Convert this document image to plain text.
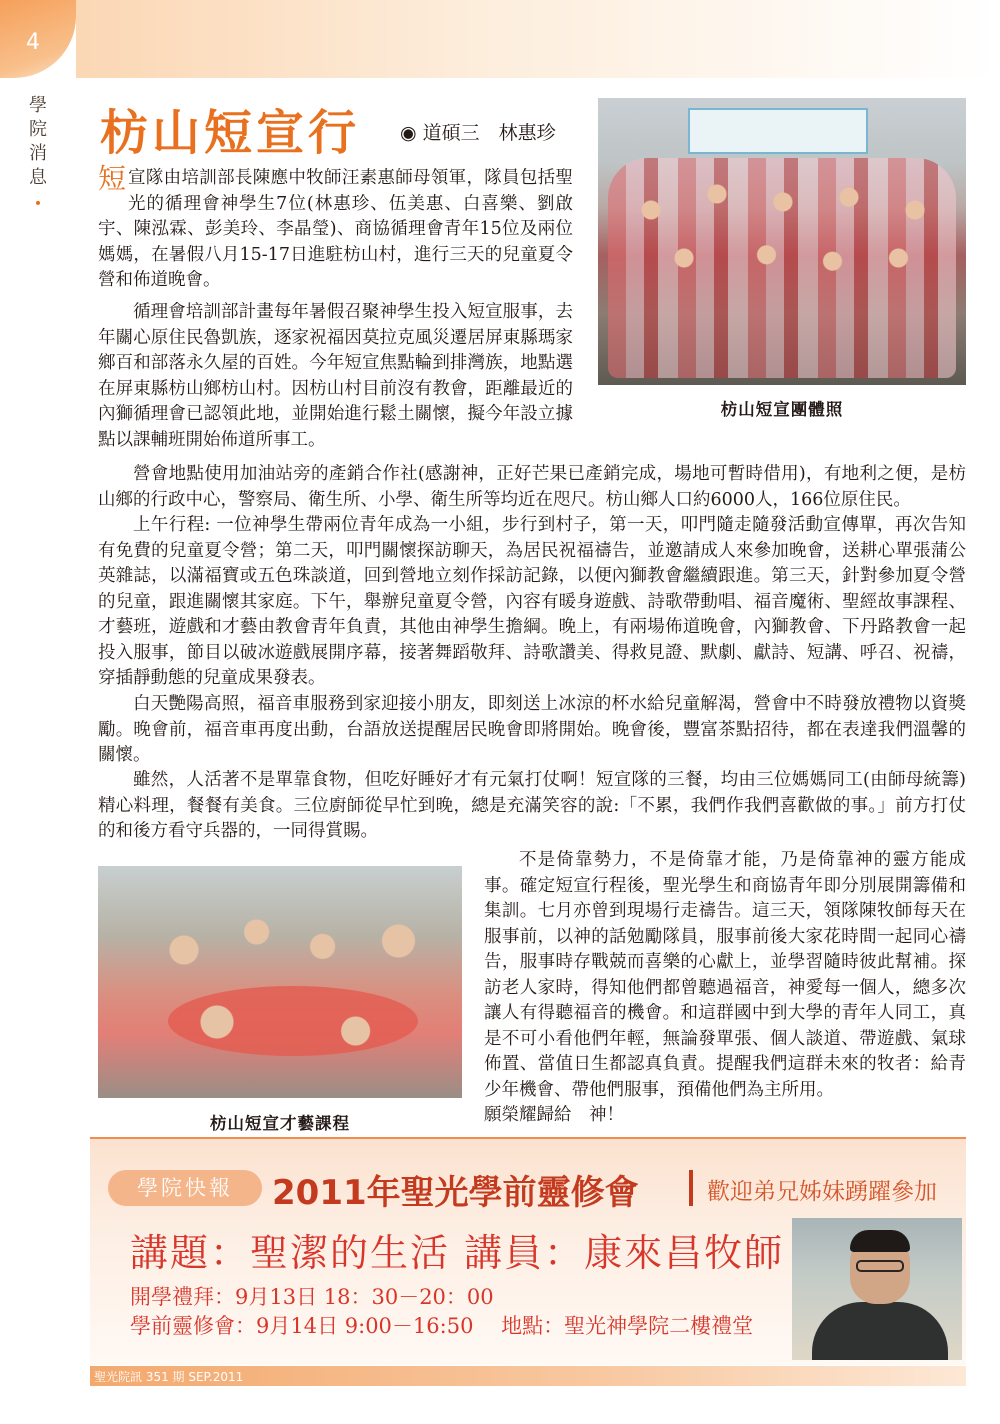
4
學
院
消
息
•
枋山短宣行 ◉ 道碩三　林惠珍
短宣隊由培訓部長陳應中牧師汪素惠師母領軍，隊員包括聖光的循理會神學生7位(林惠珍、伍美惠、白喜樂、劉啟宇、陳泓霖、彭美玲、李晶瑩)、商協循理會青年15位及兩位媽媽，在暑假八月15-17日進駐枋山村，進行三天的兒童夏令營和佈道晚會。
循理會培訓部計畫每年暑假召聚神學生投入短宣服事，去年關心原住民魯凱族，逐家祝福因莫拉克風災遷居屏東縣瑪家鄉百和部落永久屋的百姓。今年短宣焦點輪到排灣族，地點選在屏東縣枋山鄉枋山村。因枋山村目前沒有教會，距離最近的內獅循理會已認領此地，並開始進行鬆土關懷，擬今年設立據點以課輔班開始佈道所事工。
枋山短宣團體照
營會地點使用加油站旁的產銷合作社(感謝神，正好芒果已產銷完成，場地可暫時借用)，有地利之便，是枋山鄉的行政中心，警察局、衛生所、小學、衛生所等均近在咫尺。枋山鄉人口約6000人，166位原住民。
上午行程: 一位神學生帶兩位青年成為一小組，步行到村子，第一天，叩門隨走隨發活動宣傳單，再次告知有免費的兒童夏令營；第二天，叩門關懷探訪聊天，為居民祝福禱告，並邀請成人來參加晚會，送耕心單張蒲公英雜誌，以滿福寶或五色珠談道，回到營地立刻作採訪記錄，以便內獅教會繼續跟進。第三天，針對參加夏令營的兒童，跟進關懷其家庭。下午，舉辦兒童夏令營，內容有暖身遊戲、詩歌帶動唱、福音魔術、聖經故事課程、才藝班，遊戲和才藝由教會青年負責，其他由神學生擔綱。晚上，有兩場佈道晚會，內獅教會、下丹路教會一起投入服事，節目以破冰遊戲展開序幕，接著舞蹈敬拜、詩歌讚美、得救見證、默劇、獻詩、短講、呼召、祝禱，穿插靜動態的兒童成果發表。
白天艷陽高照，福音車服務到家迎接小朋友，即刻送上冰涼的杯水給兒童解渴，營會中不時發放禮物以資獎勵。晚會前，福音車再度出動，台語放送提醒居民晚會即將開始。晚會後，豐富茶點招待，都在表達我們溫馨的關懷。
雖然，人活著不是單靠食物，但吃好睡好才有元氣打仗啊！短宣隊的三餐，均由三位媽媽同工(由師母統籌)精心料理，餐餐有美食。三位廚師從早忙到晚，總是充滿笑容的說:「不累，我們作我們喜歡做的事。」前方打仗的和後方看守兵器的，一同得賞賜。
枋山短宣才藝課程
不是倚靠勢力，不是倚靠才能，乃是倚靠神的靈方能成事。確定短宣行程後，聖光學生和商協青年即分別展開籌備和集訓。七月亦曾到現場行走禱告。這三天，領隊陳牧師每天在服事前，以神的話勉勵隊員，服事前後大家花時間一起同心禱告，服事時存戰兢而喜樂的心獻上，並學習隨時彼此幫補。探訪老人家時，得知他們都曾聽過福音，神愛每一個人，總多次讓人有得聽福音的機會。和這群國中到大學的青年人同工，真是不可小看他們年輕，無論發單張、個人談道、帶遊戲、氣球佈置、當值日生都認真負責。提醒我們這群未來的牧者：給青少年機會、帶他們服事，預備他們為主所用。
願榮耀歸給　神！
學院快報	2011年聖光學前靈修會	歡迎弟兄姊妹踴躍參加
講題：聖潔的生活 講員：康來昌牧師
開學禮拜：9月13日 18：30－20：00
學前靈修會：9月14日 9:00－16:50　 地點：聖光神學院二樓禮堂
聖光院訊 351 期 SEP.2011
